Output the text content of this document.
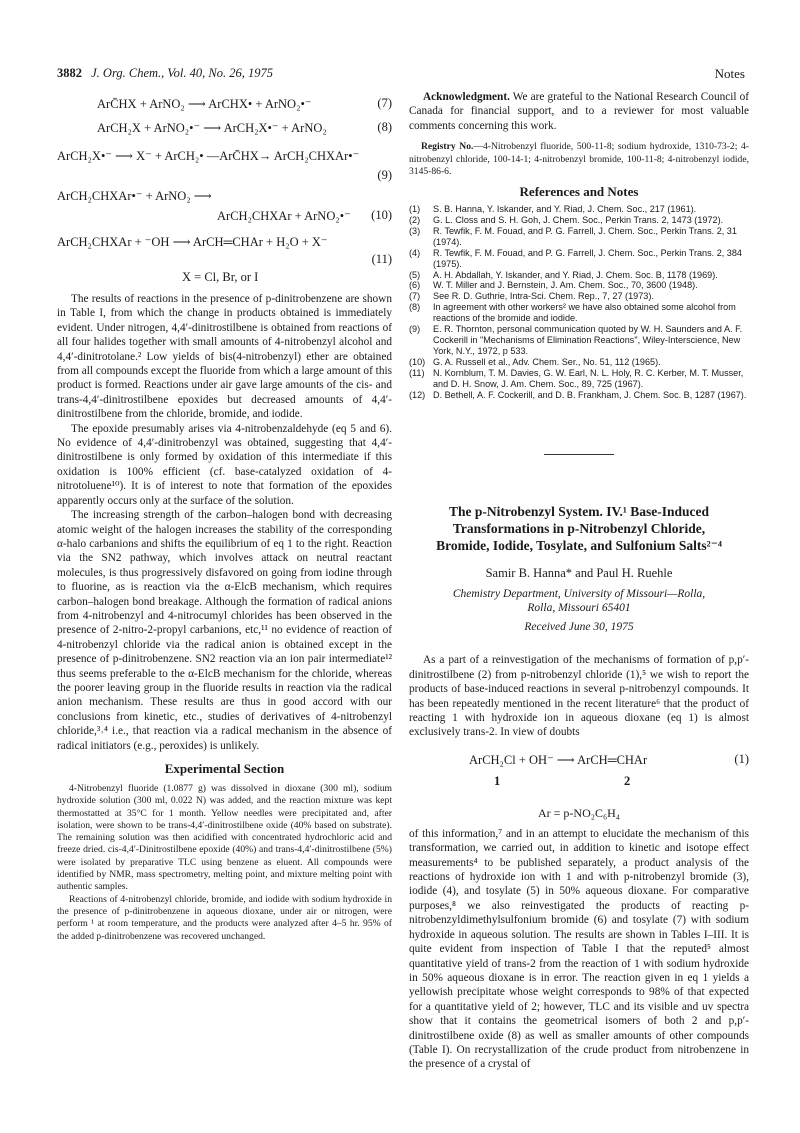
3882 J. Org. Chem., Vol. 40, No. 26, 1975	Notes
ArC̄HX + ArNO₂ ⟶ ArCHX• + ArNO₂•⁻	(7)
ArCH₂X + ArNO₂•⁻ ⟶ ArCH₂X•⁻ + ArNO₂	(8)
ArCH₂X•⁻ ⟶ X⁻ + ArCH₂• —ArC̄HX→ ArCH₂CHXAr•⁻
(9)
ArCH₂CHXAr•⁻ + ArNO₂ ⟶
ArCH₂CHXAr + ArNO₂•⁻ (10)
ArCH₂CHXAr + ⁻OH ⟶ ArCH═CHAr + H₂O + X⁻
(11)
X = Cl, Br, or I

The results of reactions in the presence of p-dinitrobenzene are shown in Table I, from which the change in products obtained is immediately evident. Under nitrogen, 4,4′-dinitrostilbene is obtained from reactions of all four halides together with small amounts of 4-nitrobenzyl alcohol and 4,4′-dinitrotolane.² Low yields of bis(4-nitrobenzyl) ether are obtained from all compounds except the fluoride from which a large amount of this product is formed. Reactions under air gave large amounts of the cis- and trans-4,4′-dinitrostilbene epoxides but decreased amounts of 4,4′-dinitrostilbene from the chloride, bromide, and iodide.

The epoxide presumably arises via 4-nitrobenzaldehyde (eq 5 and 6). No evidence of 4,4′-dinitrobenzyl was obtained, suggesting that 4,4′-dinitrostilbene is only formed by oxidation of this intermediate if this oxidation is 100% efficient (cf. base-catalyzed oxidation of 4-nitrotoluene¹⁰). It is of interest to note that formation of the epoxides apparently occurs only at the surface of the solution.

The increasing strength of the carbon–halogen bond with decreasing atomic weight of the halogen increases the stability of the corresponding α-halo carbanions and shifts the equilibrium of eq 1 to the right. Reaction via the SN2 pathway, which involves attack on neutral reactant molecules, is thus progressively disfavored on going from iodine through to fluorine, as is reaction via the α-ElcB mechanism, which requires carbon–halogen bond breakage. Although the formation of radical anions from 4-nitrobenzyl and 4-nitrocumyl chlorides has been observed in the presence of 2-nitro-2-propyl carbanions, etc,¹¹ no evidence of reaction of 4-nitrobenzyl chloride via the radical anion is obtained except in the presence of p-dinitrobenzene. SN2 reaction via an ion pair intermediate¹² thus seems preferable to the α-ElcB mechanism for the chloride, whereas the poorer leaving group in the fluoride results in reaction via the radical anion mechanism. These results are thus in good accord with our conclusions from kinetic, etc., studies of derivatives of 4-nitrobenzyl chloride,³˒⁴ i.e., that reaction via a radical mechanism in the absence of radical initiators (e.g., peroxides) is unlikely.

Experimental Section

4-Nitrobenzyl fluoride (1.0877 g) was dissolved in dioxane (300 ml), sodium hydroxide solution (300 ml, 0.022 N) was added, and the reaction mixture was kept thermostatted at 35°C for 1 month. Yellow needles were precipitated and, after isolation, were shown to be trans-4,4′-dinitrostilbene oxide (40% based on substrate). The remaining solution was then acidified with concentrated hydrochloric acid and freeze dried. cis-4,4′-Dinitrostilbene epoxide (40%) and trans-4,4′-dinitrostilbene (5%) were isolated by preparative TLC using benzene as eluent. All compounds were identified by NMR, mass spectrometry, melting point, and mixture melting point with authentic samples.

Reactions of 4-nitrobenzyl chloride, bromide, and iodide with sodium hydroxide in the presence of p-dinitrobenzene in aqueous dioxane, under air or nitrogen, were perform ¹ at room temperature, and the products were analyzed after 4–5 hr. 95% of the added p-dinitrobenzene was recovered unchanged.

Acknowledgment. We are grateful to the National Research Council of Canada for financial support, and to a reviewer for most valuable comments concerning this work.

Registry No.—4-Nitrobenzyl fluoride, 500-11-8; sodium hydroxide, 1310-73-2; 4-nitrobenzyl chloride, 100-14-1; 4-nitrobenzyl bromide, 100-11-8; 4-nitrobenzyl iodide, 3145-86-6.

References and Notes
(1) S. B. Hanna, Y. Iskander, and Y. Riad, J. Chem. Soc., 217 (1961).
(2) G. L. Closs and S. H. Goh, J. Chem. Soc., Perkin Trans. 2, 1473 (1972).
(3) R. Tewfik, F. M. Fouad, and P. G. Farrell, J. Chem. Soc., Perkin Trans. 2, 31 (1974).
(4) R. Tewfik, F. M. Fouad, and P. G. Farrell, J. Chem. Soc., Perkin Trans. 2, 384 (1975).
(5) A. H. Abdallah, Y. Iskander, and Y. Riad, J. Chem. Soc. B, 1178 (1969).
(6) W. T. Miller and J. Bernstein, J. Am. Chem. Soc., 70, 3600 (1948).
(7) See R. D. Guthrie, Intra-Sci. Chem. Rep., 7, 27 (1973).
(8) In agreement with other workers² we have also obtained some alcohol from reactions of the bromide and iodide.
(9) E. R. Thornton, personal communication quoted by W. H. Saunders and A. F. Cockerill in "Mechanisms of Elimination Reactions", Wiley-Interscience, New York, N.Y., 1972, p 533.
(10) G. A. Russell et al., Adv. Chem. Ser., No. 51, 112 (1965).
(11) N. Kornblum, T. M. Davies, G. W. Earl, N. L. Holy, R. C. Kerber, M. T. Musser, and D. H. Snow, J. Am. Chem. Soc., 89, 725 (1967).
(12) D. Bethell, A. F. Cockerill, and D. B. Frankham, J. Chem. Soc. B, 1287 (1967).

The p-Nitrobenzyl System. IV.¹ Base-Induced

Transformations in p-Nitrobenzyl Chloride,

Bromide, Iodide, Tosylate, and Sulfonium Salts²⁻⁴

Samir B. Hanna* and Paul H. Ruehle
Chemistry Department, University of Missouri—Rolla,
Rolla, Missouri 65401
Received June 30, 1975

As a part of a reinvestigation of the mechanisms of formation of p,p′-dinitrostilbene (2) from p-nitrobenzyl chloride (1),⁵ we wish to report the products of base-induced reactions in several p-nitrobenzyl compounds. It has been repeatedly mentioned in the recent literature⁶ that the product of reacting 1 with hydroxide ion in aqueous dioxane (eq 1) is almost exclusively trans-2. In view of doubts

ArCH₂Cl + OH⁻ ⟶ ArCH═CHAr	(1)
1	2
Ar = p-NO₂C₆H₄

of this information,⁷ and in an attempt to elucidate the mechanism of this transformation, we carried out, in addition to kinetic and isotope effect measurements⁴ to be published separately, a product analysis of the reactions of hydroxide ion with 1 and with p-nitrobenzyl bromide (3), iodide (4), and tosylate (5) in 50% aqueous dioxane. For comparative purposes,⁸ we also reinvestigated the products of reacting p-nitrobenzyldimethylsulfonium bromide (6) and tosylate (7) with sodium hydroxide in aqueous solution. The results are shown in Tables I–III. It is quite evident from inspection of Table I that the reputed⁵ almost quantitative yield of trans-2 from the reaction of 1 with sodium hydroxide in 50% aqueous dioxane is in error. The reaction given in eq 1 yields a yellowish precipitate whose weight corresponds to 98% of that expected for a quantitative yield of 2; however, TLC and its visible and uv spectra show that it contains the geometrical isomers of both 2 and p,p′-dinitrostilbene oxide (8) as well as smaller amounts of other compounds (Table I). On recrystallization of the crude product from nitrobenzene in the presence of a crystal of
